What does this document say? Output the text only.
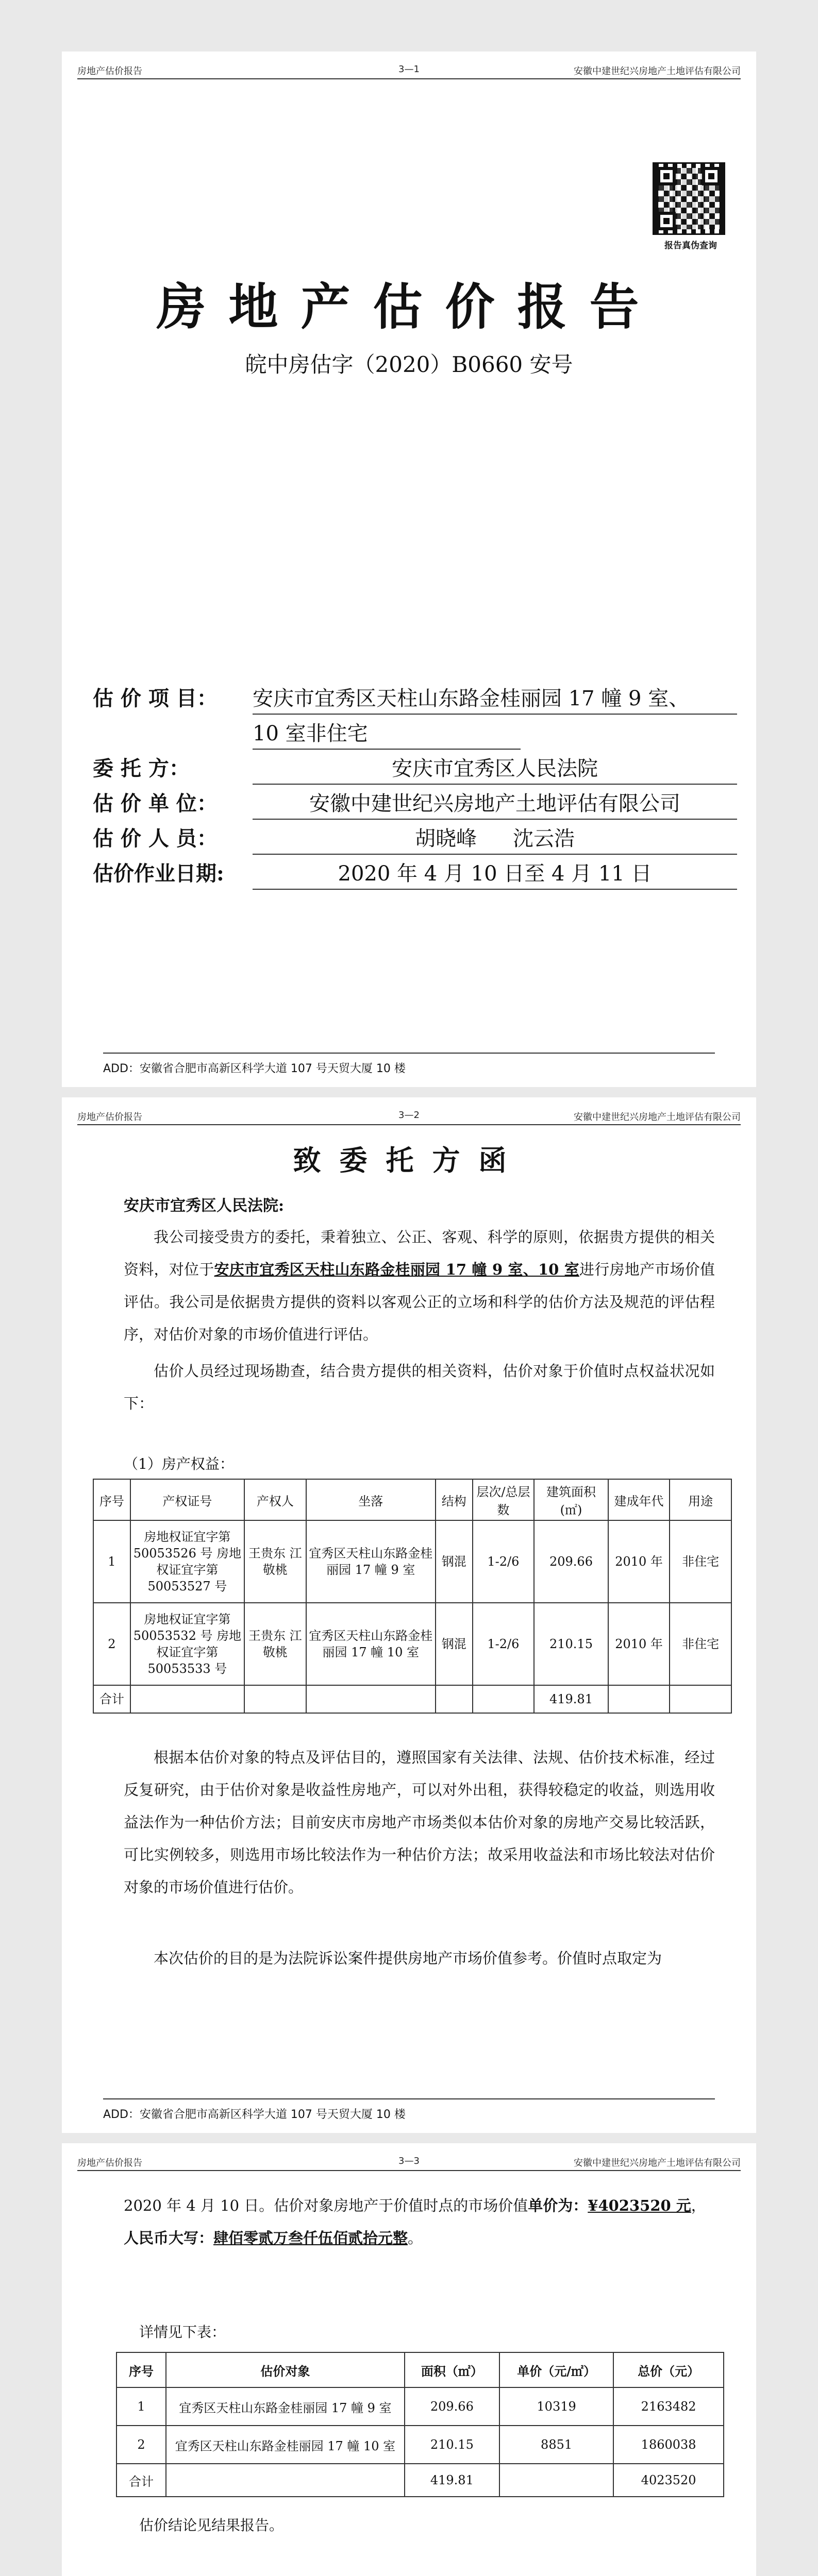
房地产估价报告	3—1	安徽中建世纪兴房地产土地评估有限公司
报告真伪查询
房地产估价报告
皖中房估字（2020）B0660 安号
估 价 项 目： 安庆市宜秀区天柱山东路金桂丽园 17 幢 9 室、
10 室非住宅
委 托 方：	安庆市宜秀区人民法院
估 价 单 位：	安徽中建世纪兴房地产土地评估有限公司
估 价 人 员：	胡晓峰 沈云浩
估价作业日期:	2020 年 4 月 10 日至 4 月 11 日
ADD：安徽省合肥市高新区科学大道 107 号天贸大厦 10 楼
房地产估价报告	3—2	安徽中建世纪兴房地产土地评估有限公司
致委托方函
安庆市宜秀区人民法院:
我公司接受贵方的委托，秉着独立、公正、客观、科学的原则，依据贵方提供的相关资料，对位于安庆市宜秀区天柱山东路金桂丽园 17 幢 9 室、10 室进行房地产市场价值评估。我公司是依据贵方提供的资料以客观公正的立场和科学的估价方法及规范的评估程序，对估价对象的市场价值进行评估。
估价人员经过现场勘查，结合贵方提供的相关资料，估价对象于价值时点权益状况如下：
（1）房产权益：
序号	产权证号	产权人	坐落	结构	层次/总层数	建筑面积(㎡)	建成年代	用途
1	房地权证宜字第 50053526 号 房地权证宜字第 50053527 号	王贵东 江敬桃	宜秀区天柱山东路金桂丽园 17 幢 9 室	钢混	1-2/6	209.66	2010 年	非住宅
2	房地权证宜字第 50053532 号 房地权证宜字第 50053533 号	王贵东 江敬桃	宜秀区天柱山东路金桂丽园 17 幢 10 室	钢混	1-2/6	210.15	2010 年	非住宅
合计						419.81		
根据本估价对象的特点及评估目的，遵照国家有关法律、法规、估价技术标准，经过反复研究，由于估价对象是收益性房地产，可以对外出租，获得较稳定的收益，则选用收益法作为一种估价方法；目前安庆市房地产市场类似本估价对象的房地产交易比较活跃，可比实例较多，则选用市场比较法作为一种估价方法；故采用收益法和市场比较法对估价对象的市场价值进行估价。
本次估价的目的是为法院诉讼案件提供房地产市场价值参考。价值时点取定为
ADD：安徽省合肥市高新区科学大道 107 号天贸大厦 10 楼
房地产估价报告	3—3	安徽中建世纪兴房地产土地评估有限公司
2020 年 4 月 10 日。估价对象房地产于价值时点的市场价值单价为：¥4023520 元，
人民币大写：肆佰零贰万叁仟伍佰贰拾元整。
详情见下表：
序号	估价对象	面积（㎡）	单价（元/㎡）	总价（元）
1	宜秀区天柱山东路金桂丽园 17 幢 9 室	209.66	10319	2163482
2	宜秀区天柱山东路金桂丽园 17 幢 10 室	210.15	8851	1860038
合计		419.81		4023520
估价结论见结果报告。
